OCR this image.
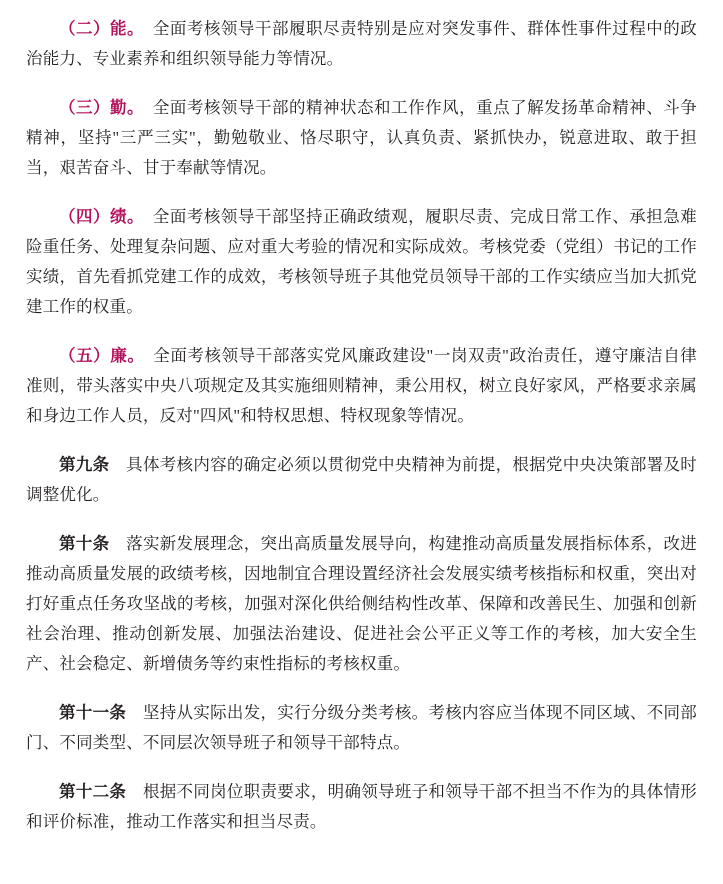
（二）能。　 全面考核领导干部履职尽责特别是应对突发事件、群体性事件过程中的政治能力、专业素养和组织领导能力等情况。

（三）勤。　 全面考核领导干部的精神状态和工作作风，重点了解发扬革命精神、斗争精神，坚持"三严三实"，勤勉敬业、恪尽职守，认真负责、紧抓快办，锐意进取、敢于担当，艰苦奋斗、甘于奉献等情况。

（四）绩。　 全面考核领导干部坚持正确政绩观，履职尽责、完成日常工作、承担急难险重任务、处理复杂问题、应对重大考验的情况和实际成效。考核党委（党组）书记的工作实绩，首先看抓党建工作的成效，考核领导班子其他党员领导干部的工作实绩应当加大抓党建工作的权重。

（五）廉。　 全面考核领导干部落实党风廉政建设"一岗双责"政治责任，遵守廉洁自律准则，带头落实中央八项规定及其实施细则精神，秉公用权，树立良好家风，严格要求亲属和身边工作人员，反对"四风"和特权思想、特权现象等情况。

第九条　 具体考核内容的确定必须以贯彻党中央精神为前提，根据党中央决策部署及时调整优化。

第十条　 落实新发展理念，突出高质量发展导向，构建推动高质量发展指标体系，改进推动高质量发展的政绩考核，因地制宜合理设置经济社会发展实绩考核指标和权重，突出对打好重点任务攻坚战的考核，加强对深化供给侧结构性改革、保障和改善民生、加强和创新社会治理、推动创新发展、加强法治建设、促进社会公平正义等工作的考核，加大安全生产、社会稳定、新增债务等约束性指标的考核权重。

第十一条　 坚持从实际出发，实行分级分类考核。考核内容应当体现不同区域、不同部门、不同类型、不同层次领导班子和领导干部特点。

第十二条　 根据不同岗位职责要求，明确领导班子和领导干部不担当不作为的具体情形和评价标准，推动工作落实和担当尽责。
